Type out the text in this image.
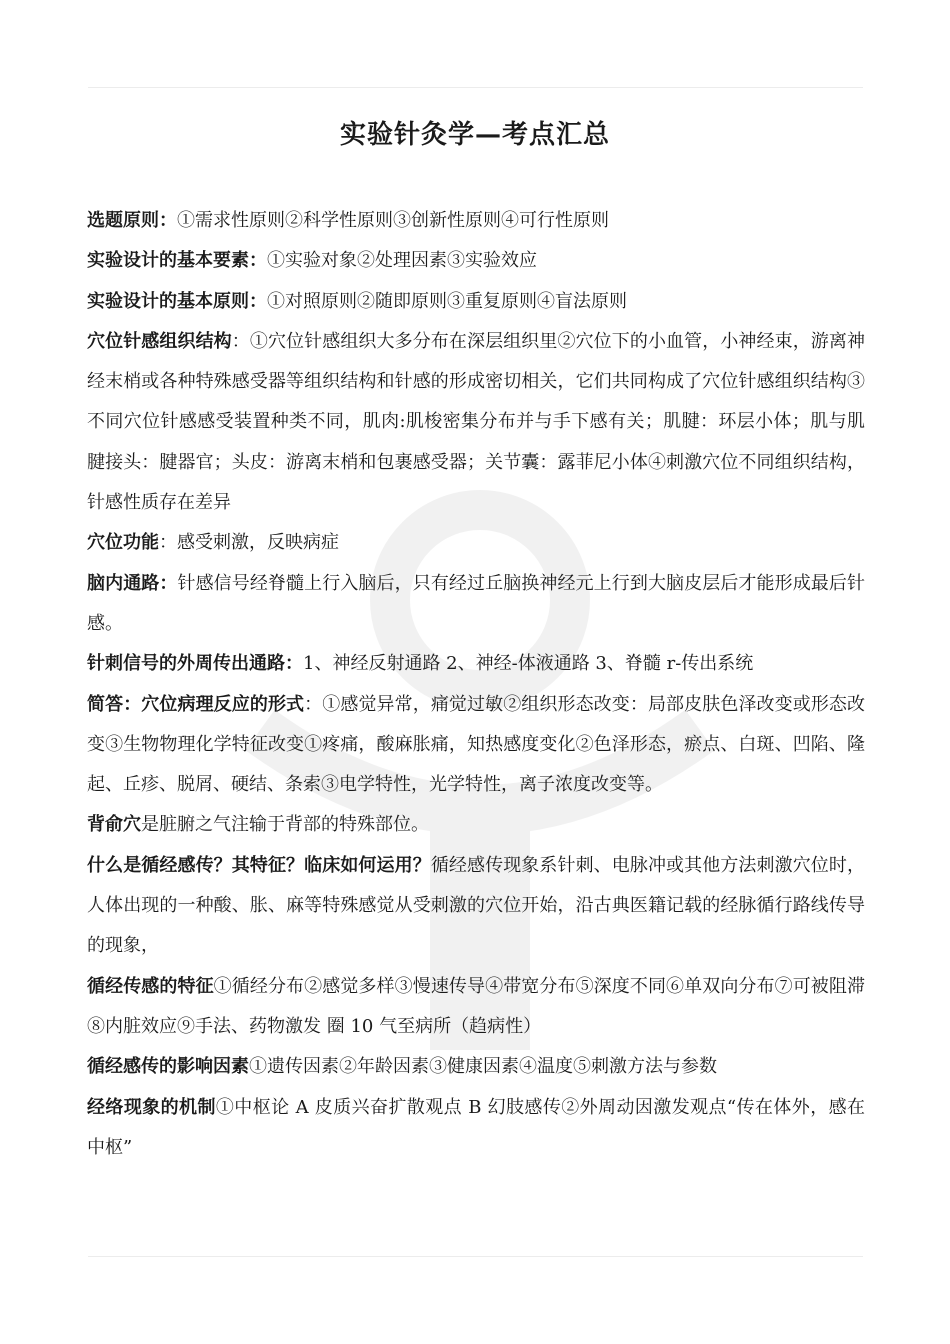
实验针灸学—考点汇总

选题原则：①需求性原则②科学性原则③创新性原则④可行性原则

实验设计的基本要素：①实验对象②处理因素③实验效应

实验设计的基本原则：①对照原则②随即原则③重复原则④盲法原则

穴位针感组织结构：①穴位针感组织大多分布在深层组织里②穴位下的小血管，小神经束，游离神经末梢或各种特殊感受器等组织结构和针感的形成密切相关，它们共同构成了穴位针感组织结构③不同穴位针感感受装置种类不同，肌肉:肌梭密集分布并与手下感有关；肌腱：环层小体；肌与肌腱接头：腱器官；头皮：游离末梢和包裹感受器；关节囊：露菲尼小体④刺激穴位不同组织结构，针感性质存在差异

穴位功能：感受刺激，反映病症

脑内通路：针感信号经脊髓上行入脑后，只有经过丘脑换神经元上行到大脑皮层后才能形成最后针感。

针刺信号的外周传出通路：1、神经反射通路 2、神经-体液通路 3、脊髓 r-传出系统

简答：穴位病理反应的形式：①感觉异常，痛觉过敏②组织形态改变：局部皮肤色泽改变或形态改变③生物物理化学特征改变①疼痛，酸麻胀痛，知热感度变化②色泽形态，瘀点、白斑、凹陷、隆起、丘疹、脱屑、硬结、条索③电学特性，光学特性，离子浓度改变等。

背俞穴是脏腑之气注输于背部的特殊部位。

什么是循经感传？其特征？临床如何运用？循经感传现象系针刺、电脉冲或其他方法刺激穴位时，人体出现的一种酸、胀、麻等特殊感觉从受刺激的穴位开始，沿古典医籍记载的经脉循行路线传导的现象，

循经传感的特征①循经分布②感觉多样③慢速传导④带宽分布⑤深度不同⑥单双向分布⑦可被阻滞⑧内脏效应⑨手法、药物激发 圈 10 气至病所（趋病性）

循经感传的影响因素①遗传因素②年龄因素③健康因素④温度⑤刺激方法与参数

经络现象的机制①中枢论 A 皮质兴奋扩散观点 B 幻肢感传②外周动因激发观点“传在体外，感在中枢”
